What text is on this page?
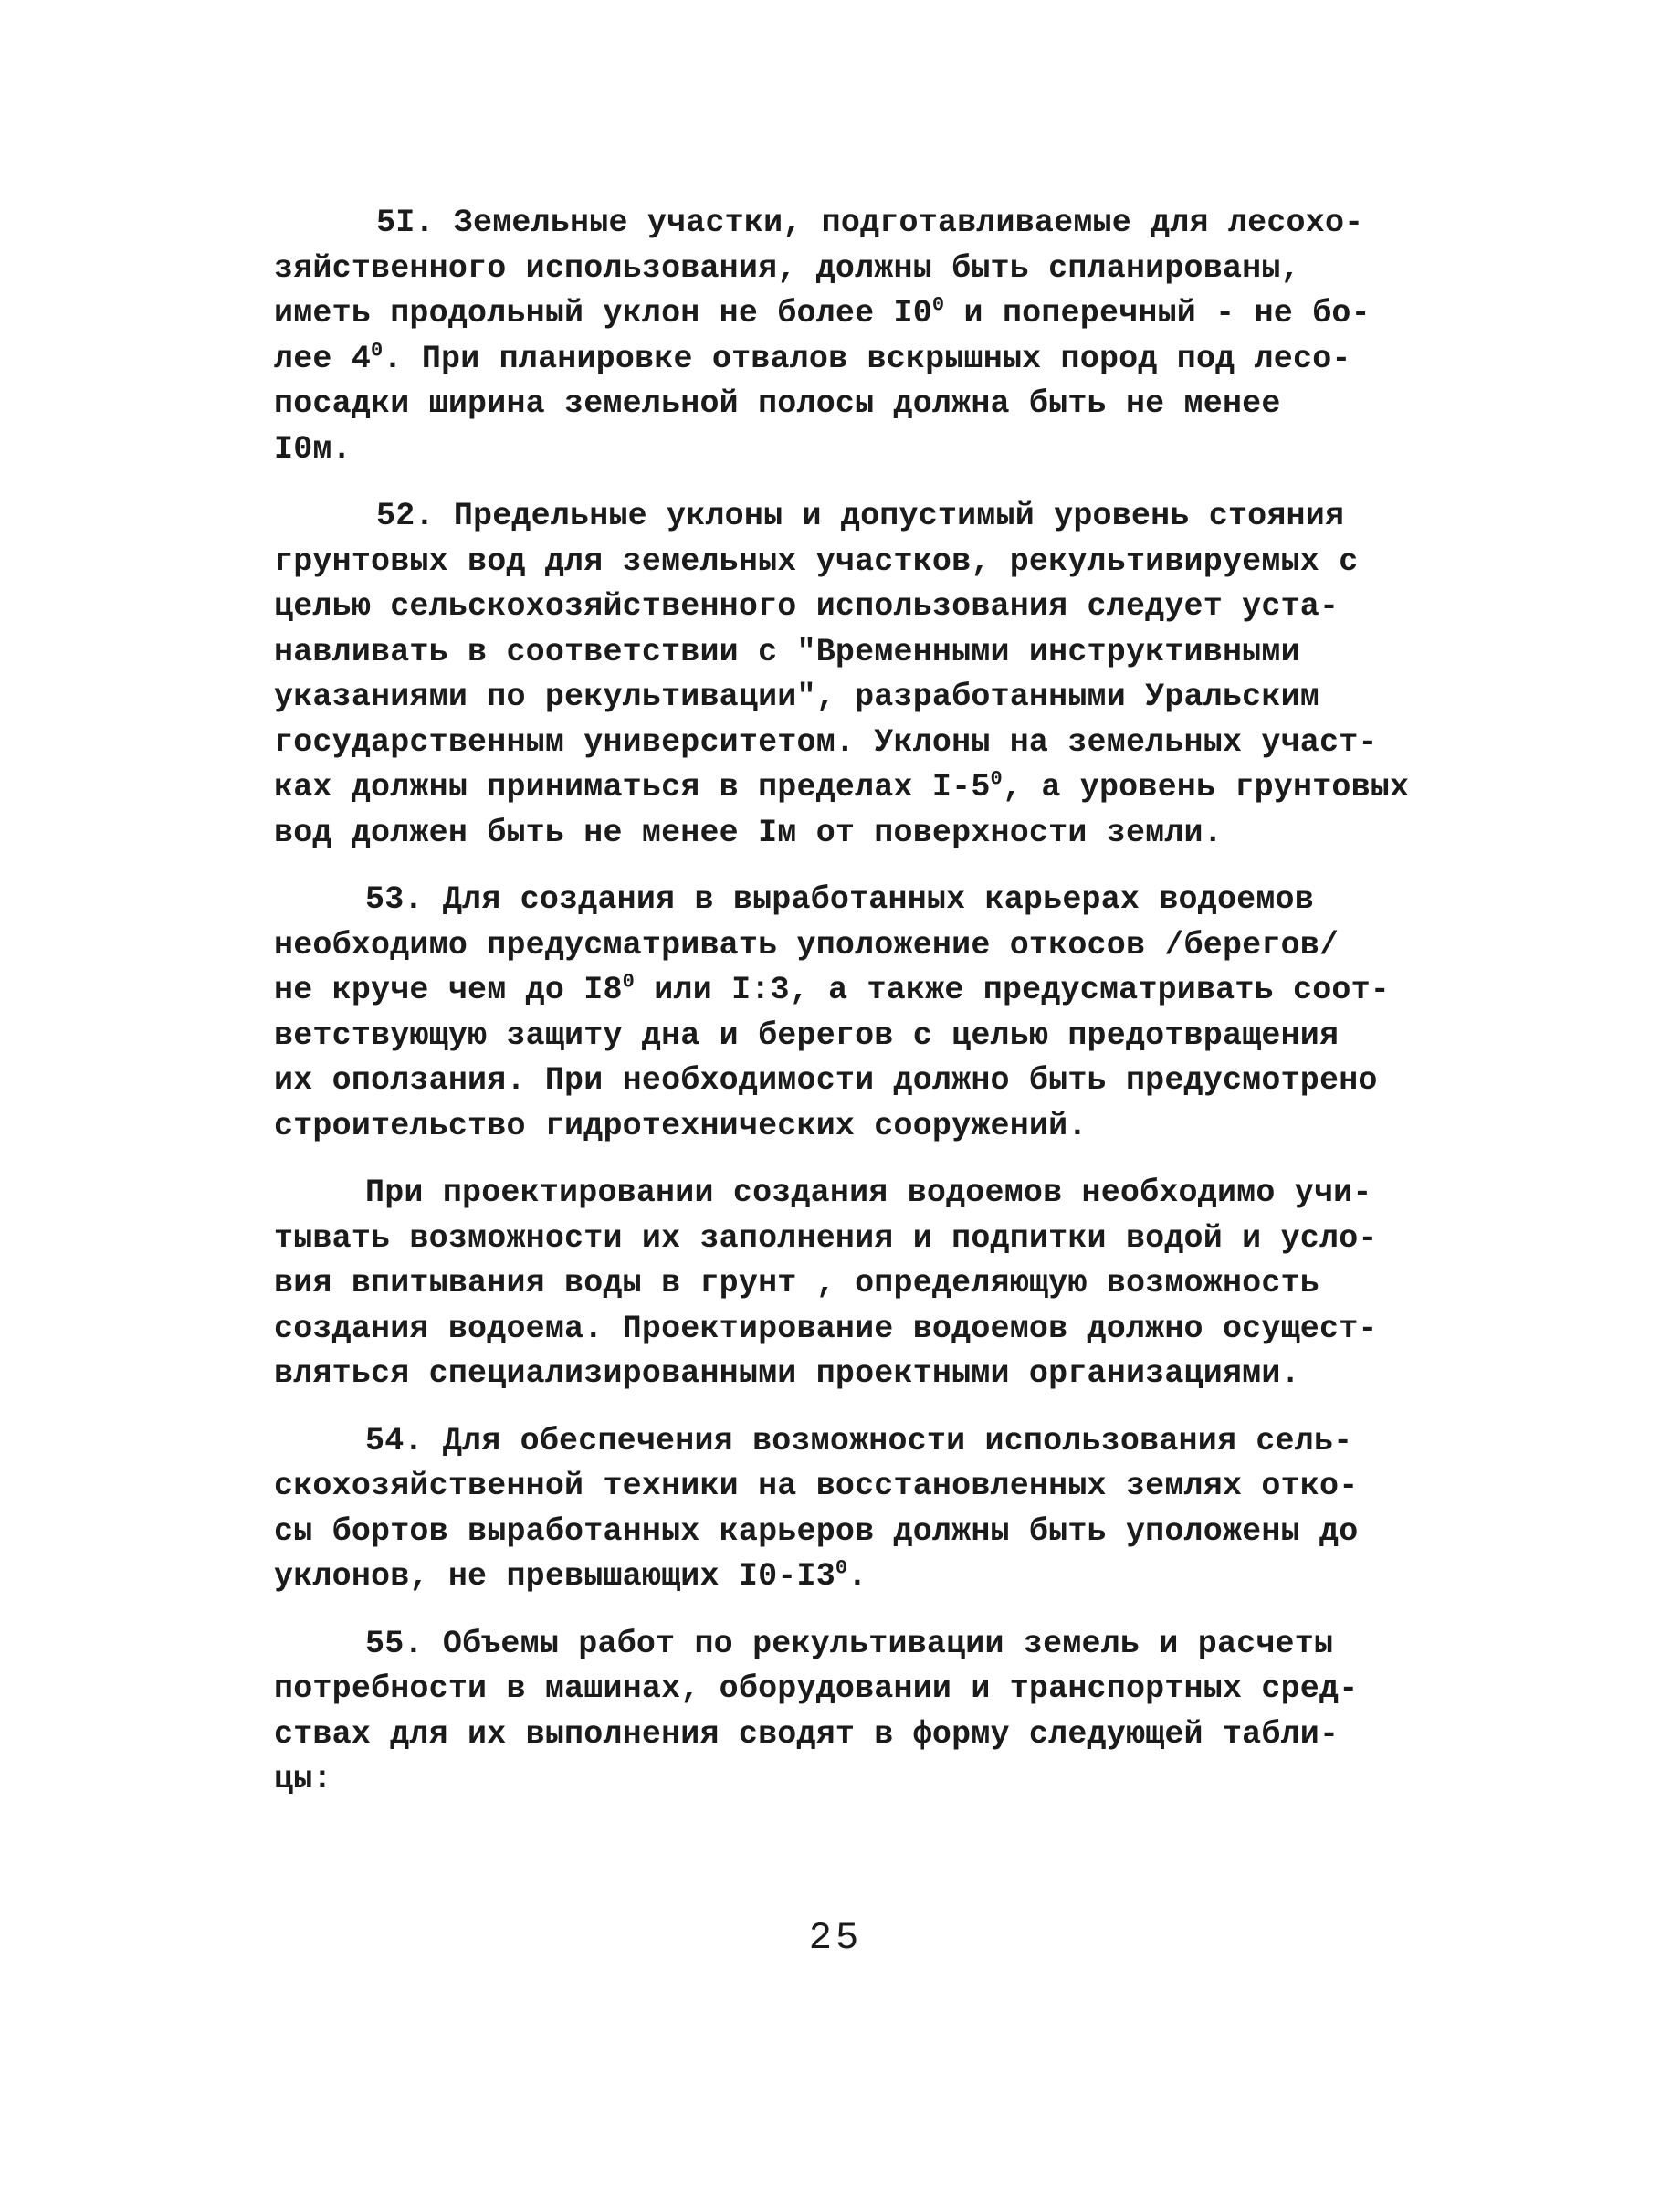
5I. Земельные участки, подготавливаемые для лесохо-
зяйственного использования, должны быть спланированы,
иметь продольный уклон не более $I0^0$ и поперечный - не бо-
лее $4^0$. При планировке отвалов вскрышных пород под лесо-
посадки ширина земельной полосы должна быть не менее
I0м.
52. Предельные уклоны и допустимый уровень стояния
грунтовых вод для земельных участков, рекультивируемых с
целью сельскохозяйственного использования следует уста-
навливать в соответствии с "Временными инструктивными
указаниями по рекультивации", разработанными Уральским
государственным университетом. Уклоны на земельных участ-
ках должны приниматься в пределах $I-5^0$, а уровень грунтовых
вод должен быть не менее Iм от поверхности земли.
53. Для создания в выработанных карьерах водоемов
необходимо предусматривать уположение откосов /берегов/
не круче чем до $I8^0$ или I:3, а также предусматривать соот-
ветствующую защиту дна и берегов с целью предотвращения
их оползания. При необходимости должно быть предусмотрено
строительство гидротехнических сооружений.
При проектировании создания водоемов необходимо учи-
тывать возможности их заполнения и подпитки водой и усло-
вия впитывания воды в грунт , определяющую возможность
создания водоема. Проектирование водоемов должно осущест-
вляться специализированными проектными организациями.
54. Для обеспечения возможности использования сель-
скохозяйственной техники на восстановленных землях отко-
сы бортов выработанных карьеров должны быть уположены до
уклонов, не превышающих $I0-I3^0$.
55. Объемы работ по рекультивации земель и расчеты
потребности в машинах, оборудовании и транспортных сред-
ствах для их выполнения сводят в форму следующей табли-
цы:
25
